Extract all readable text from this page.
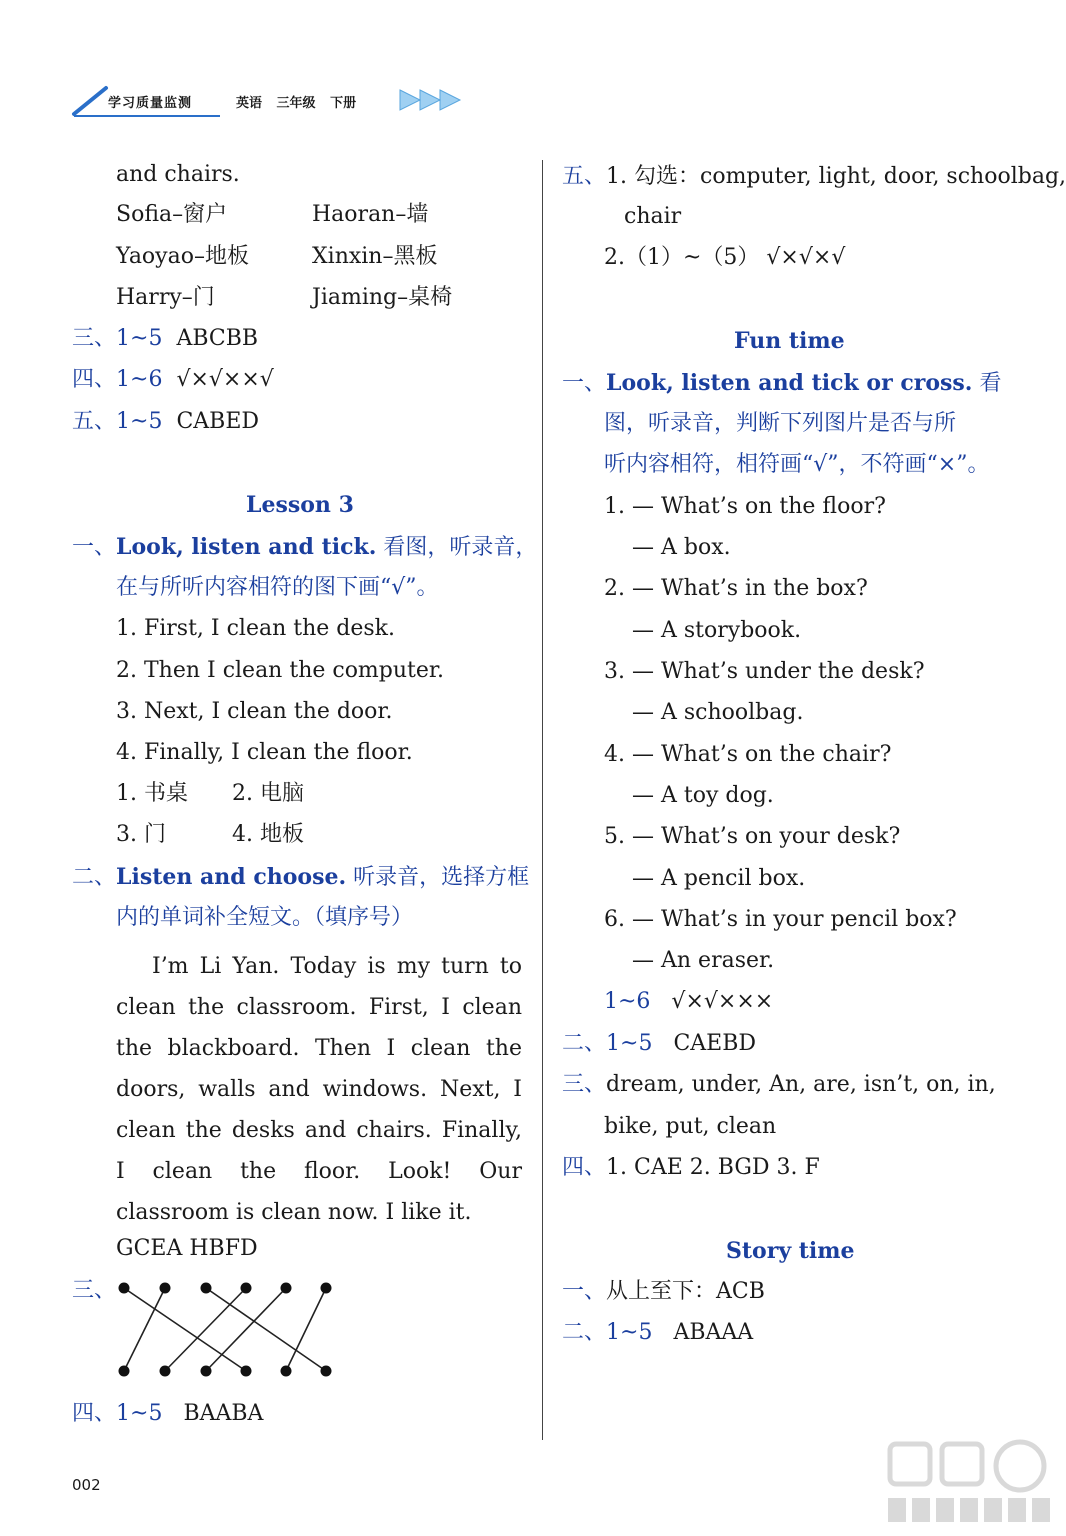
学习质量监测	英语 三年级 下册
and chairs.
Sofia–窗户	Haoran–墙
Yaoyao–地板	Xinxin–黑板
Harry–门	Jiaming–桌椅
三、1~5 ABCBB
四、1~6 √×√××√
五、1~5 CABED
Lesson 3
一、Look, listen and tick. 看图，听录音，
在与所听内容相符的图下画“√”。
1. First, I clean the desk.
2. Then I clean the computer.
3. Next, I clean the door.
4. Finally, I clean the floor.
1. 书桌 2. 电脑
3. 门	4. 地板
二、Listen and choose. 听录音，选择方框
内的单词补全短文。（填序号）
I’m Li Yan. Today is my turn to clean the classroom. First, I clean the blackboard. Then I clean the doors, walls and windows. Next, I clean the desks and chairs. Finally, I clean the floor. Look! Our classroom is clean now. I like it.
GCEA HBFD
三、
四、1~5 BAABA
五、1. 勾选：computer, light, door, schoolbag,
chair
2.（1）~（5） √×√×√
Fun time
一、Look, listen and tick or cross. 看
图，听录音，判断下列图片是否与所
听内容相符，相符画“√”，不符画“×”。
1. — What’s on the floor?
— A box.
2. — What’s in the box?
— A storybook.
3. — What’s under the desk?
— A schoolbag.
4. — What’s on the chair?
— A toy dog.
5. — What’s on your desk?
— A pencil box.
6. — What’s in your pencil box?
— An eraser.
1~6 √×√×××
二、1~5 CAEBD
三、dream, under, An, are, isn’t, on, in,
bike, put, clean
四、1. CAE 2. BGD 3. F
Story time
一、从上至下：ACB
二、1~5 ABAAA
002
